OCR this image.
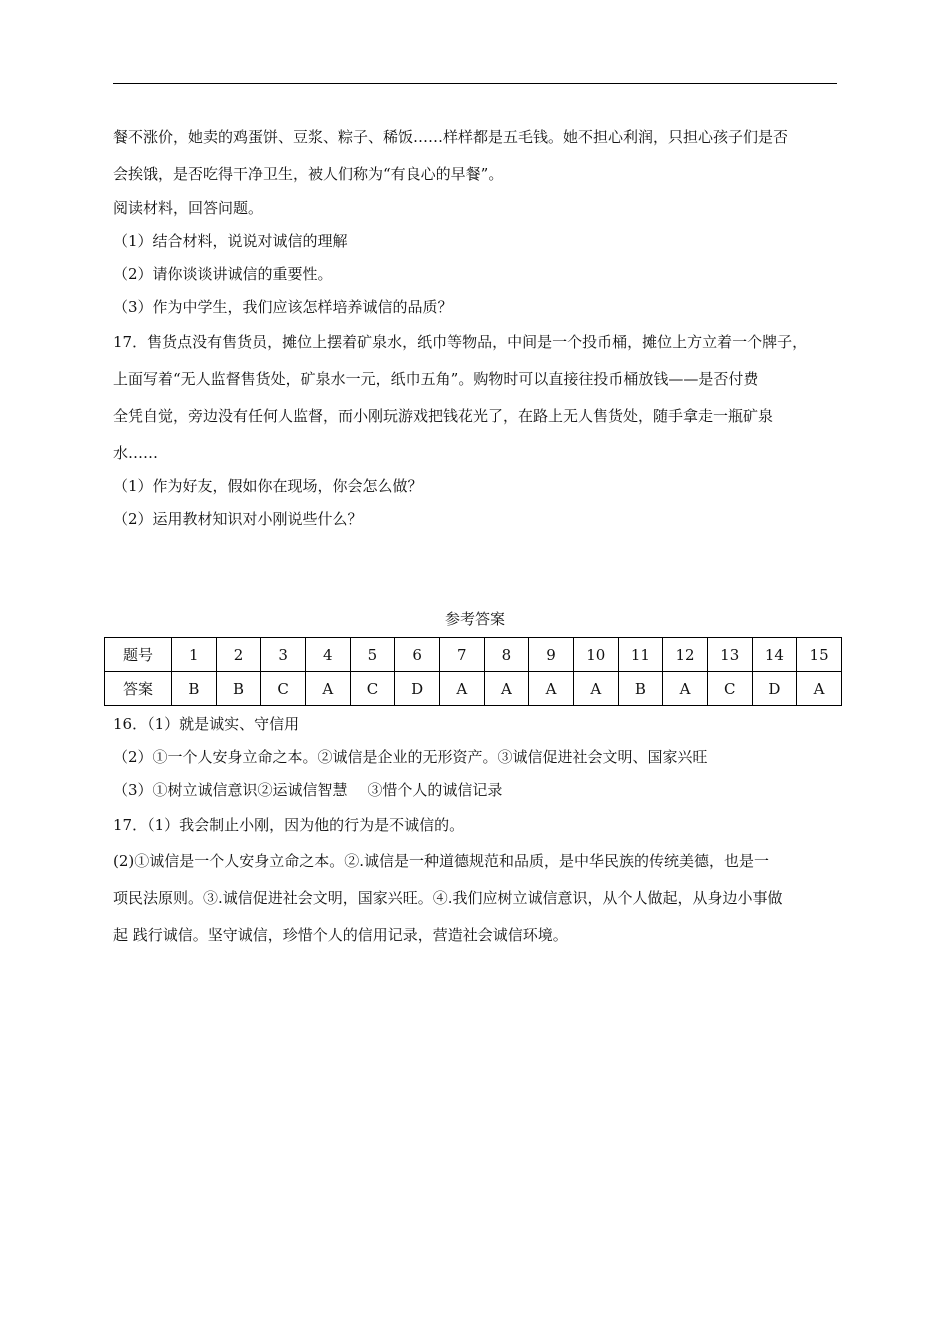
餐不涨价，她卖的鸡蛋饼、豆浆、粽子、稀饭……样样都是五毛钱。她不担心利润，只担心孩子们是否
会挨饿，是否吃得干净卫生，被人们称为“有良心的早餐”。
阅读材料，回答问题。
（1）结合材料，说说对诚信的理解
（2）请你谈谈讲诚信的重要性。
（3）作为中学生，我们应该怎样培养诚信的品质？
17．售货点没有售货员，摊位上摆着矿泉水，纸巾等物品，中间是一个投币桶，摊位上方立着一个牌子，
上面写着“无人监督售货处，矿泉水一元，纸巾五角”。购物时可以直接往投币桶放钱——是否付费
全凭自觉，旁边没有任何人监督，而小刚玩游戏把钱花光了，在路上无人售货处，随手拿走一瓶矿泉
水……
（1）作为好友，假如你在现场，你会怎么做？
（2）运用教材知识对小刚说些什么？
参考答案
题号	1	2	3	4	5	6	7	8	9	10	11	12	13	14	15
答案	B	B	C	A	C	D	A	A	A	A	B	A	C	D	A
16．（1）就是诚实、守信用
（2）①一个人安身立命之本。②诚信是企业的无形资产。③诚信促进社会文明、国家兴旺
（3）①树立诚信意识②运诚信智慧　 ③惜个人的诚信记录
17．（1）我会制止小刚，因为他的行为是不诚信的。
(2)①诚信是一个人安身立命之本。②.诚信是一种道德规范和品质，是中华民族的传统美德，也是一
项民法原则。③.诚信促进社会文明，国家兴旺。④.我们应树立诚信意识，从个人做起，从身边小事做
起 践行诚信。坚守诚信，珍惜个人的信用记录，营造社会诚信环境。
